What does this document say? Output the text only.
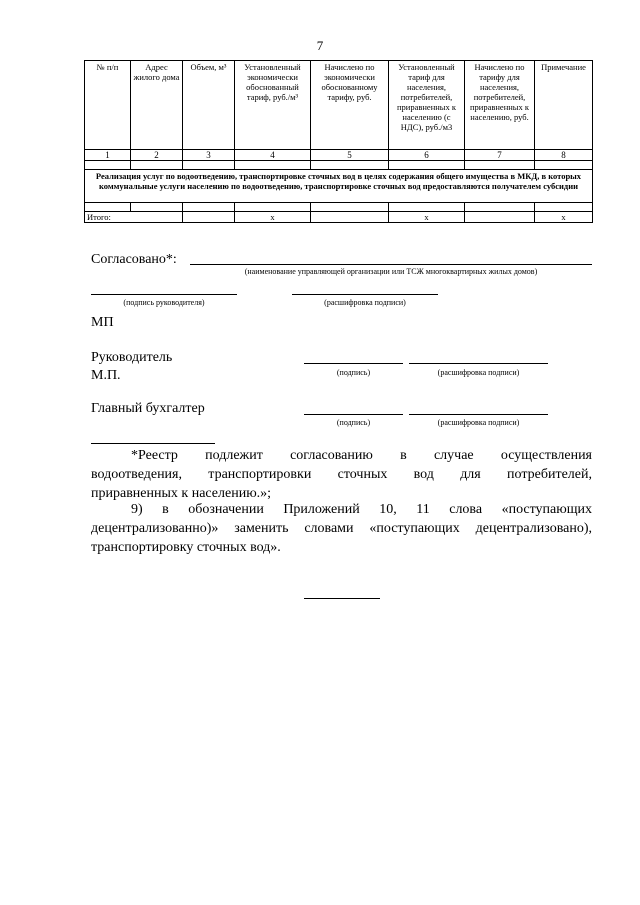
7
№ п/п	Адрес жилого дома	Объем, м³	Установленный экономически обоснованный тариф, руб./м³	Начислено по экономически обоснованному тарифу, руб.	Установленный тариф для населения, потребителей, приравненных к населению (с НДС), руб./м3	Начислено по тарифу для населения, потребителей, приравненных к населению, руб.	Примечание
1	2	3	4	5	6	7	8

Реализация услуг по водоотведению, транспортировке сточных вод в целях содержания общего имущества в МКД, в которых коммунальные услуги населению по водоотведению, транспортировке сточных вод предоставляются получателем субсидии							

Итого:			x		x		x
Согласовано*:
(наименование управляющей организации или ТСЖ многоквартирных жилых домов)
(подпись руководителя)	(расшифровка подписи)
МП
Руководитель
М.П.	(подпись)	(расшифровка подписи)
Главный бухгалтер
(подпись)	(расшифровка подписи)
*Реестр подлежит согласованию в случае осуществления
водоотведения, транспортировки сточных вод для потребителей,
приравненных к населению.»;
9) в обозначении Приложений 10, 11 слова «поступающих
децентрализованно)» заменить словами «поступающих децентрализовано),
транспортировку сточных вод».
